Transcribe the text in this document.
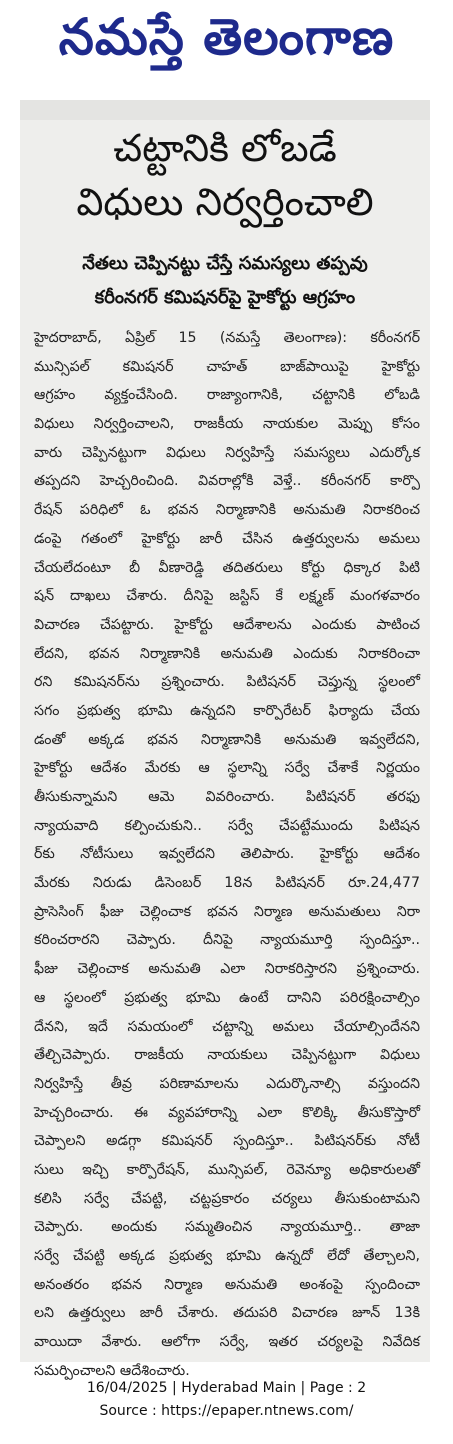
నమస్తే తెలంగాణ
చట్టానికి లోబడే
విధులు నిర్వర్తించాలి
నేతలు చెప్పినట్టు చేస్తే సమస్యలు తప్పవు
కరీంనగర్ కమిషనర్‌పై హైకోర్టు ఆగ్రహం
హైదరాబాద్, ఏప్రిల్ 15 (నమస్తే తెలంగాణ): కరీంనగర్
మున్సిపల్ కమిషనర్ చాహత్ బాజ్‌పాయిపై హైకోర్టు
ఆగ్రహం వ్యక్తంచేసింది. రాజ్యాంగానికి, చట్టానికి లోబడి
విధులు నిర్వర్తించాలని, రాజకీయ నాయకుల మెప్పు కోసం
వారు చెప్పినట్టుగా విధులు నిర్వహిస్తే సమస్యలు ఎదుర్కోక
తప్పదని హెచ్చరించింది. వివరాల్లోకి వెళ్తే.. కరీంనగర్ కార్పొ
రేషన్ పరిధిలో ఓ భవన నిర్మాణానికి అనుమతి నిరాకరించ
డంపై గతంలో హైకోర్టు జారీ చేసిన ఉత్తర్వులను అమలు
చేయలేదంటూ బీ వీణారెడ్డి తదితరులు కోర్టు ధిక్కార పిటి
షన్ దాఖలు చేశారు. దీనిపై జస్టిస్ కే లక్ష్మణ్ మంగళవారం
విచారణ చేపట్టారు. హైకోర్టు ఆదేశాలను ఎందుకు పాటించ
లేదని, భవన నిర్మాణానికి అనుమతి ఎందుకు నిరాకరించా
రని కమిషనర్‌ను ప్రశ్నించారు. పిటిషనర్ చెప్తున్న స్థలంలో
సగం ప్రభుత్వ భూమి ఉన్నదని కార్పొరేటర్ ఫిర్యాదు చేయ
డంతో అక్కడ భవన నిర్మాణానికి అనుమతి ఇవ్వలేదని,
హైకోర్టు ఆదేశం మేరకు ఆ స్థలాన్ని సర్వే చేశాకే నిర్ణయం
తీసుకున్నామని ఆమె వివరించారు. పిటిషనర్ తరఫు
న్యాయవాది కల్పించుకుని.. సర్వే చేపట్టేముందు పిటిషన
ర్‌కు నోటీసులు ఇవ్వలేదని తెలిపారు. హైకోర్టు ఆదేశం
మేరకు నిరుడు డిసెంబర్ 18న పిటిషనర్ రూ.24,477
ప్రాసెసింగ్ ఫీజు చెల్లించాక భవన నిర్మాణ అనుమతులు నిరా
కరించరారని చెప్పారు. దీనిపై న్యాయమూర్తి స్పందిస్తూ..
ఫీజు చెల్లించాక అనుమతి ఎలా నిరాకరిస్తారని ప్రశ్నించారు.
ఆ స్థలంలో ప్రభుత్వ భూమి ఉంటే దానిని పరిరక్షించాల్సిం
దేనని, ఇదే సమయంలో చట్టాన్ని అమలు చేయాల్సిందేనని
తేల్చిచెప్పారు. రాజకీయ నాయకులు చెప్పినట్టుగా విధులు
నిర్వహిస్తే తీవ్ర పరిణామాలను ఎదుర్కొనాల్సి వస్తుందని
హెచ్చరించారు. ఈ వ్యవహారాన్ని ఎలా కొలిక్కి తీసుకొస్తారో
చెప్పాలని అడగ్గా కమిషనర్ స్పందిస్తూ.. పిటిషనర్‌కు నోటీ
సులు ఇచ్చి కార్పొరేషన్, మున్సిపల్, రెవెన్యూ అధికారులతో
కలిసి సర్వే చేపట్టి, చట్టప్రకారం చర్యలు తీసుకుంటామని
చెప్పారు. అందుకు సమ్మతించిన న్యాయమూర్తి.. తాజా
సర్వే చేపట్టి అక్కడ ప్రభుత్వ భూమి ఉన్నదో లేదో తేల్చాలని,
అనంతరం భవన నిర్మాణ అనుమతి అంశంపై స్పందించా
లని ఉత్తర్వులు జారీ చేశారు. తదుపరి విచారణ జూన్ 13కి
వాయిదా వేశారు. ఆలోగా సర్వే, ఇతర చర్యలపై నివేదిక
సమర్పించాలని ఆదేశించారు.
16/04/2025 | Hyderabad Main | Page : 2
Source : https://epaper.ntnews.com/
